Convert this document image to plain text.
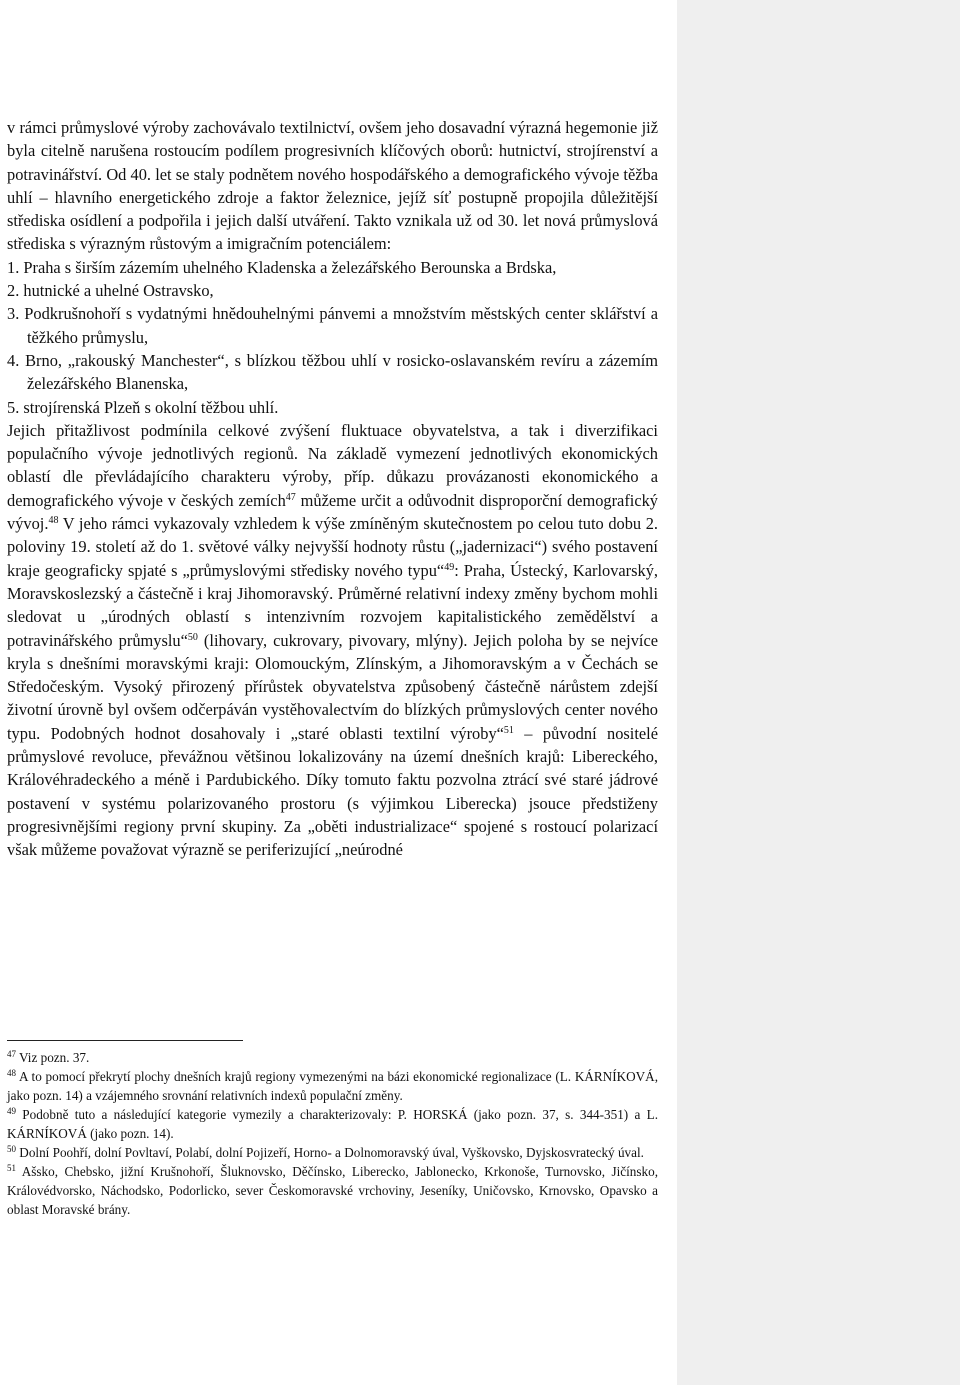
v rámci průmyslové výroby zachovávalo textilnictví, ovšem jeho dosavadní výrazná hegemonie již byla citelně narušena rostoucím podílem progresivních klíčových oborů: hutnictví, strojírenství a potravinářství. Od 40. let se staly podnětem nového hospodářského a demografického vývoje těžba uhlí – hlavního energetického zdroje a faktor železnice, jejíž síť postupně propojila důležitější střediska osídlení a podpořila i jejich další utváření. Takto vznikala už od 30. let nová průmyslová střediska s výrazným růstovým a imigračním potenciálem:

1. Praha s širším zázemím uhelného Kladenska a železářského Berounska a Brdska,
2. hutnické a uhelné Ostravsko,
3. Podkrušnohoří s vydatnými hnědouhelnými pánvemi a množstvím městských center sklářství a těžkého průmyslu,
4. Brno, „rakouský Manchester“, s blízkou těžbou uhlí v rosicko-oslavanském revíru a zázemím železářského Blanenska,
5. strojírenská Plzeň s okolní těžbou uhlí.

Jejich přitažlivost podmínila celkové zvýšení fluktuace obyvatelstva, a tak i diverzifikaci populačního vývoje jednotlivých regionů. Na základě vymezení jednotlivých ekonomických oblastí dle převládajícího charakteru výroby, příp. důkazu provázanosti ekonomického a demografického vývoje v českých zemích$^{47}$ můžeme určit a odůvodnit disproporční demografický vývoj.$^{48}$ V jeho rámci vykazovaly vzhledem k výše zmíněným skutečnostem po celou tuto dobu 2. poloviny 19. století až do 1. světové války nejvyšší hodnoty růstu („jadernizaci“) svého postavení kraje geograficky spjaté s „průmyslovými středisky nového typu“$^{49}$: Praha, Ústecký, Karlovarský, Moravskoslezský a částečně i kraj Jihomoravský. Průměrné relativní indexy změny bychom mohli sledovat u „úrodných oblastí s intenzivním rozvojem kapitalistického zemědělství a potravinářského průmyslu“$^{50}$ (lihovary, cukrovary, pivovary, mlýny). Jejich poloha by se nejvíce kryla s dnešními moravskými kraji: Olomouckým, Zlínským, a Jihomoravským a v Čechách se Středočeským. Vysoký přirozený přírůstek obyvatelstva způsobený částečně nárůstem zdejší životní úrovně byl ovšem odčerpáván vystěhovalectvím do blízkých průmyslových center nového typu. Podobných hodnot dosahovaly i „staré oblasti textilní výroby“$^{51}$ – původní nositelé průmyslové revoluce, převážnou většinou lokalizovány na území dnešních krajů: Libereckého, Královéhradeckého a méně i Pardubického. Díky tomuto faktu pozvolna ztrácí své staré jádrové postavení v systému polarizovaného prostoru (s výjimkou Liberecka) jsouce předstiženy progresivnějšími regiony první skupiny. Za „oběti industrializace“ spojené s rostoucí polarizací však můžeme považovat výrazně se periferizující „neúrodné

$^{47}$ Viz pozn. 37.

$^{48}$ A to pomocí překrytí plochy dnešních krajů regiony vymezenými na bázi ekonomické regionalizace (L. KÁRNÍKOVÁ, jako pozn. 14) a vzájemného srovnání relativních indexů populační změny.

$^{49}$ Podobně tuto a následující kategorie vymezily a charakterizovaly: P. HORSKÁ (jako pozn. 37, s. 344-351) a L. KÁRNÍKOVÁ (jako pozn. 14).

$^{50}$ Dolní Poohří, dolní Povltaví, Polabí, dolní Pojizeří, Horno- a Dolnomoravský úval, Vyškovsko, Dyjskosvratecký úval.

$^{51}$ Ašsko, Chebsko, jižní Krušnohoří, Šluknovsko, Děčínsko, Liberecko, Jablonecko, Krkonoše, Turnovsko, Jičínsko, Královédvorsko, Náchodsko, Podorlicko, sever Českomoravské vrchoviny, Jeseníky, Uničovsko, Krnovsko, Opavsko a oblast Moravské brány.
